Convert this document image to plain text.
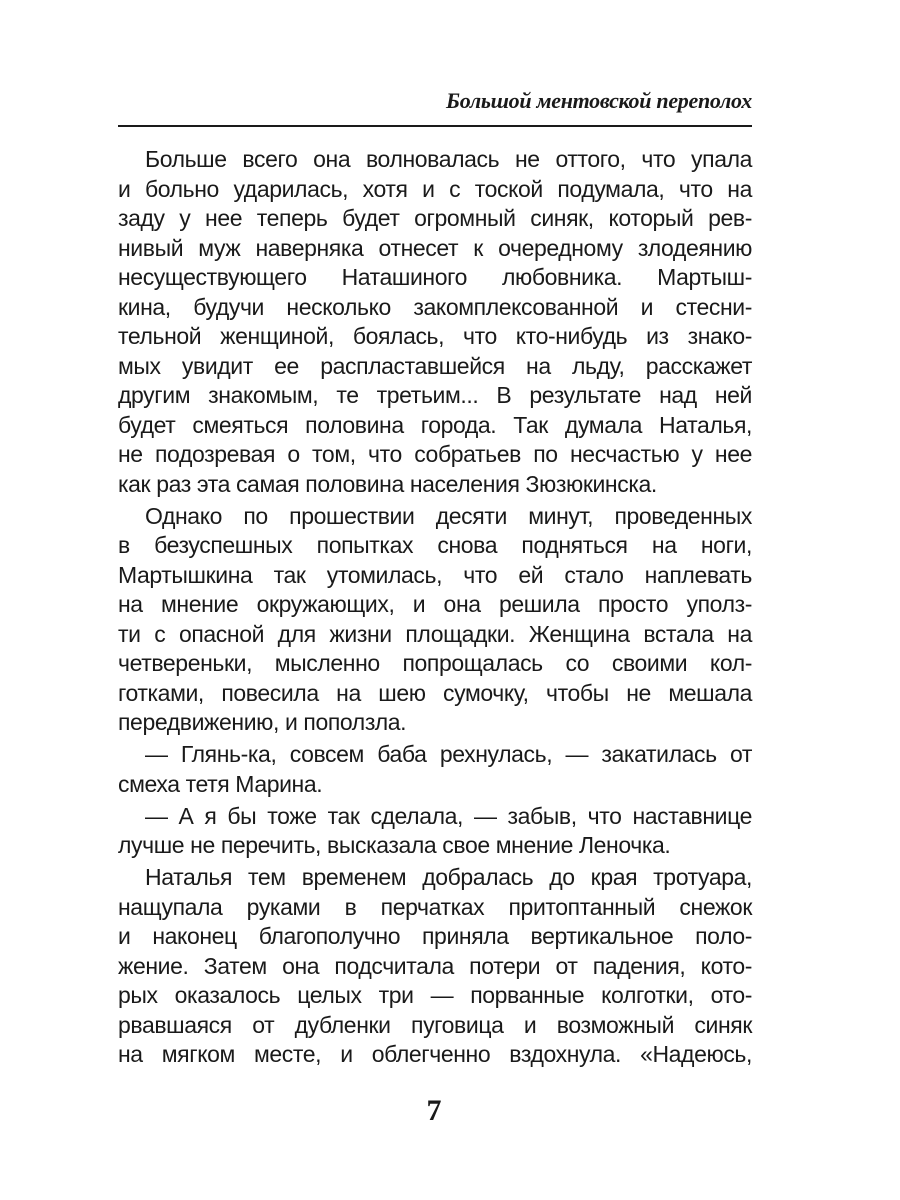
Большой ментовской переполох
Больше всего она волновалась не оттого, что упала
и больно ударилась, хотя и с тоской подумала, что на
заду у нее теперь будет огромный синяк, который рев-
нивый муж наверняка отнесет к очередному злодеянию
несуществующего Наташиного любовника. Мартыш-
кина, будучи несколько закомплексованной и стесни-
тельной женщиной, боялась, что кто-нибудь из знако-
мых увидит ее распластавшейся на льду, расскажет
другим знакомым, те третьим... В результате над ней
будет смеяться половина города. Так думала Наталья,
не подозревая о том, что собратьев по несчастью у нее
как раз эта самая половина населения Зюзюкинска.
Однако по прошествии десяти минут, проведенных
в безуспешных попытках снова подняться на ноги,
Мартышкина так утомилась, что ей стало наплевать
на мнение окружающих, и она решила просто уполз-
ти с опасной для жизни площадки. Женщина встала на
четвереньки, мысленно попрощалась со своими кол-
готками, повесила на шею сумочку, чтобы не мешала
передвижению, и поползла.
— Глянь-ка, совсем баба рехнулась, — закатилась от
смеха тетя Марина.
— А я бы тоже так сделала, — забыв, что наставнице
лучше не перечить, высказала свое мнение Леночка.
Наталья тем временем добралась до края тротуара,
нащупала руками в перчатках притоптанный снежок
и наконец благополучно приняла вертикальное поло-
жение. Затем она подсчитала потери от падения, кото-
рых оказалось целых три — порванные колготки, ото-
рвавшаяся от дубленки пуговица и возможный синяк
на мягком месте, и облегченно вздохнула. «Надеюсь,
7
